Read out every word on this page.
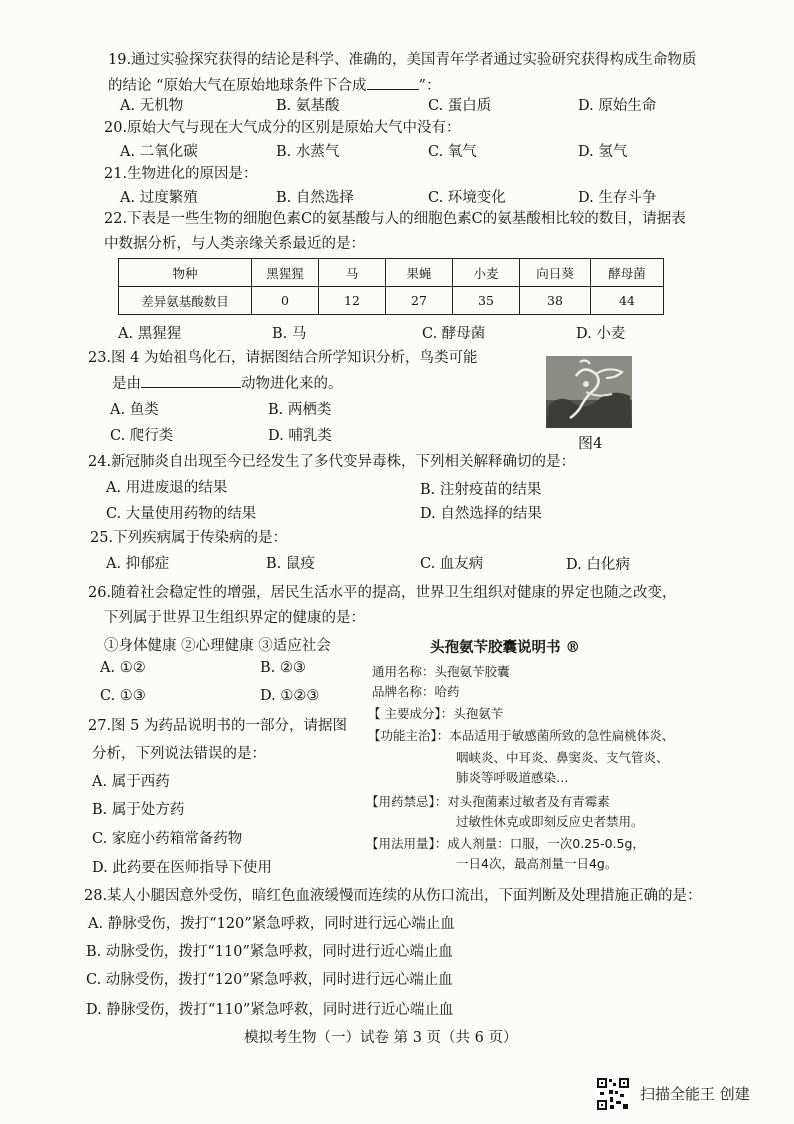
19.通过实验探究获得的结论是科学、准确的，美国青年学者通过实验研究获得构成生命物质
的结论 “原始大气在原始地球条件下合成	”：
A. 无机物	B. 氨基酸	C. 蛋白质	D. 原始生命
20.原始大气与现在大气成分的区别是原始大气中没有：
A. 二氧化碳	B. 水蒸气	C. 氧气	D. 氢气
21.生物进化的原因是：
A. 过度繁殖	B. 自然选择	C. 环境变化	D. 生存斗争
22.下表是一些生物的细胞色素C的氨基酸与人的细胞色素C的氨基酸相比较的数目，请据表
中数据分析，与人类亲缘关系最近的是：
物种	黑猩猩	马	果蝇	小麦	向日葵	酵母菌
差异氨基酸数目	0	12	27	35	38	44
A. 黑猩猩	B. 马	C. 酵母菌	D. 小麦
23.图 4 为始祖鸟化石，请据图结合所学知识分析，鸟类可能
是由	动物进化来的。
A. 鱼类	B. 两栖类
C. 爬行类	D. 哺乳类	图4
24.新冠肺炎自出现至今已经发生了多代变异毒株，下列相关解释确切的是：
A. 用进废退的结果	B. 注射疫苗的结果
C. 大量使用药物的结果	D. 自然选择的结果
25.下列疾病属于传染病的是：
A. 抑郁症	B. 鼠疫	C. 血友病	D. 白化病
26.随着社会稳定性的增强，居民生活水平的提高，世界卫生组织对健康的界定也随之改变，
下列属于世界卫生组织界定的健康的是：
①身体健康 ②心理健康 ③适应社会
A. ①②	B. ②③
C. ①③	D. ①②③
27.图 5 为药品说明书的一部分，请据图
分析，下列说法错误的是：
A. 属于西药
B. 属于处方药
C. 家庭小药箱常备药物
D. 此药要在医师指导下使用
头孢氨苄胶囊说明书 ®
通用名称：头孢氨苄胶囊
品牌名称：哈药
【 主要成分】：头孢氨苄
【功能主治】：本品适用于敏感菌所致的急性扁桃体炎、
咽峡炎、中耳炎、鼻窦炎、支气管炎、
肺炎等呼吸道感染…
【用药禁忌】：对头孢菌素过敏者及有青霉素
过敏性休克或即刻反应史者禁用。
【用法用量】：成人剂量：口服，一次0.25-0.5g，
一日4次，最高剂量一日4g。
28.某人小腿因意外受伤，暗红色血液缓慢而连续的从伤口流出，下面判断及处理措施正确的是：
A. 静脉受伤，拨打“120”紧急呼救，同时进行远心端止血
B. 动脉受伤，拨打“110”紧急呼救，同时进行近心端止血
C. 动脉受伤，拨打“120”紧急呼救，同时进行远心端止血
D. 静脉受伤，拨打“110”紧急呼救，同时进行近心端止血
模拟考生物（一）试卷 第 3 页（共 6 页）
扫描全能王 创建
